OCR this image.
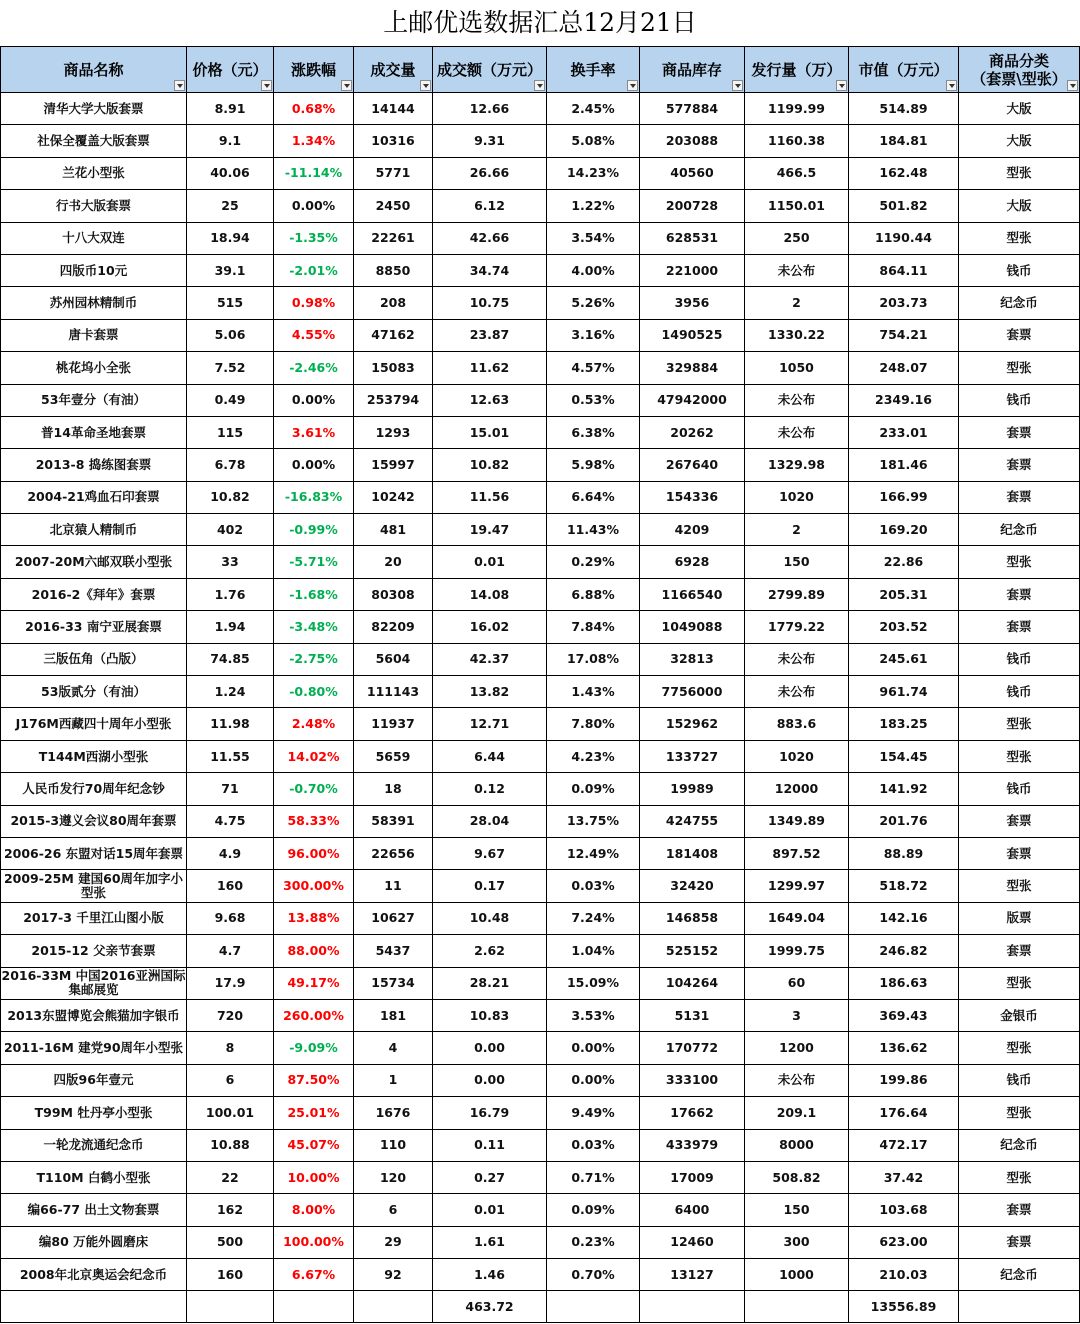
上邮优选数据汇总12月21日
商品名称	价格（元）	涨跌幅	成交量	成交额（万元）	换手率	商品库存	发行量（万）	市值（万元）	商品分类
（套票\型张）

清华大学大版套票	8.91	0.68%	14144	12.66	2.45%	577884	1199.99	514.89	大版
社保全覆盖大版套票	9.1	1.34%	10316	9.31	5.08%	203088	1160.38	184.81	大版
兰花小型张	40.06	-11.14%	5771	26.66	14.23%	40560	466.5	162.48	型张
行书大版套票	25	0.00%	2450	6.12	1.22%	200728	1150.01	501.82	大版
十八大双连	18.94	-1.35%	22261	42.66	3.54%	628531	250	1190.44	型张
四版币10元	39.1	-2.01%	8850	34.74	4.00%	221000	未公布	864.11	钱币
苏州园林精制币	515	0.98%	208	10.75	5.26%	3956	2	203.73	纪念币
唐卡套票	5.06	4.55%	47162	23.87	3.16%	1490525	1330.22	754.21	套票
桃花坞小全张	7.52	-2.46%	15083	11.62	4.57%	329884	1050	248.07	型张
53年壹分（有油）	0.49	0.00%	253794	12.63	0.53%	47942000	未公布	2349.16	钱币
普14革命圣地套票	115	3.61%	1293	15.01	6.38%	20262	未公布	233.01	套票
2013-8 捣练图套票	6.78	0.00%	15997	10.82	5.98%	267640	1329.98	181.46	套票
2004-21鸡血石印套票	10.82	-16.83%	10242	11.56	6.64%	154336	1020	166.99	套票
北京猿人精制币	402	-0.99%	481	19.47	11.43%	4209	2	169.20	纪念币
2007-20M六邮双联小型张	33	-5.71%	20	0.01	0.29%	6928	150	22.86	型张
2016-2《拜年》套票	1.76	-1.68%	80308	14.08	6.88%	1166540	2799.89	205.31	套票
2016-33 南宁亚展套票	1.94	-3.48%	82209	16.02	7.84%	1049088	1779.22	203.52	套票
三版伍角（凸版）	74.85	-2.75%	5604	42.37	17.08%	32813	未公布	245.61	钱币
53版贰分（有油）	1.24	-0.80%	111143	13.82	1.43%	7756000	未公布	961.74	钱币
J176M西藏四十周年小型张	11.98	2.48%	11937	12.71	7.80%	152962	883.6	183.25	型张
T144M西湖小型张	11.55	14.02%	5659	6.44	4.23%	133727	1020	154.45	型张
人民币发行70周年纪念钞	71	-0.70%	18	0.12	0.09%	19989	12000	141.92	钱币
2015-3遵义会议80周年套票	4.75	58.33%	58391	28.04	13.75%	424755	1349.89	201.76	套票
2006-26 东盟对话15周年套票	4.9	96.00%	22656	9.67	12.49%	181408	897.52	88.89	套票
2009-25M 建国60周年加字小型张	160	300.00%	11	0.17	0.03%	32420	1299.97	518.72	型张
2017-3 千里江山图小版	9.68	13.88%	10627	10.48	7.24%	146858	1649.04	142.16	版票
2015-12 父亲节套票	4.7	88.00%	5437	2.62	1.04%	525152	1999.75	246.82	套票
2016-33M 中国2016亚洲国际集邮展览	17.9	49.17%	15734	28.21	15.09%	104264	60	186.63	型张
2013东盟博览会熊猫加字银币	720	260.00%	181	10.83	3.53%	5131	3	369.43	金银币
2011-16M 建党90周年小型张	8	-9.09%	4	0.00	0.00%	170772	1200	136.62	型张
四版96年壹元	6	87.50%	1	0.00	0.00%	333100	未公布	199.86	钱币
T99M 牡丹亭小型张	100.01	25.01%	1676	16.79	9.49%	17662	209.1	176.64	型张
一轮龙流通纪念币	10.88	45.07%	110	0.11	0.03%	433979	8000	472.17	纪念币
T110M 白鹤小型张	22	10.00%	120	0.27	0.71%	17009	508.82	37.42	型张
编66-77 出土文物套票	162	8.00%	6	0.01	0.09%	6400	150	103.68	套票
编80 万能外圆磨床	500	100.00%	29	1.61	0.23%	12460	300	623.00	套票
2008年北京奥运会纪念币	160	6.67%	92	1.46	0.70%	13127	1000	210.03	纪念币
				463.72				13556.89	
